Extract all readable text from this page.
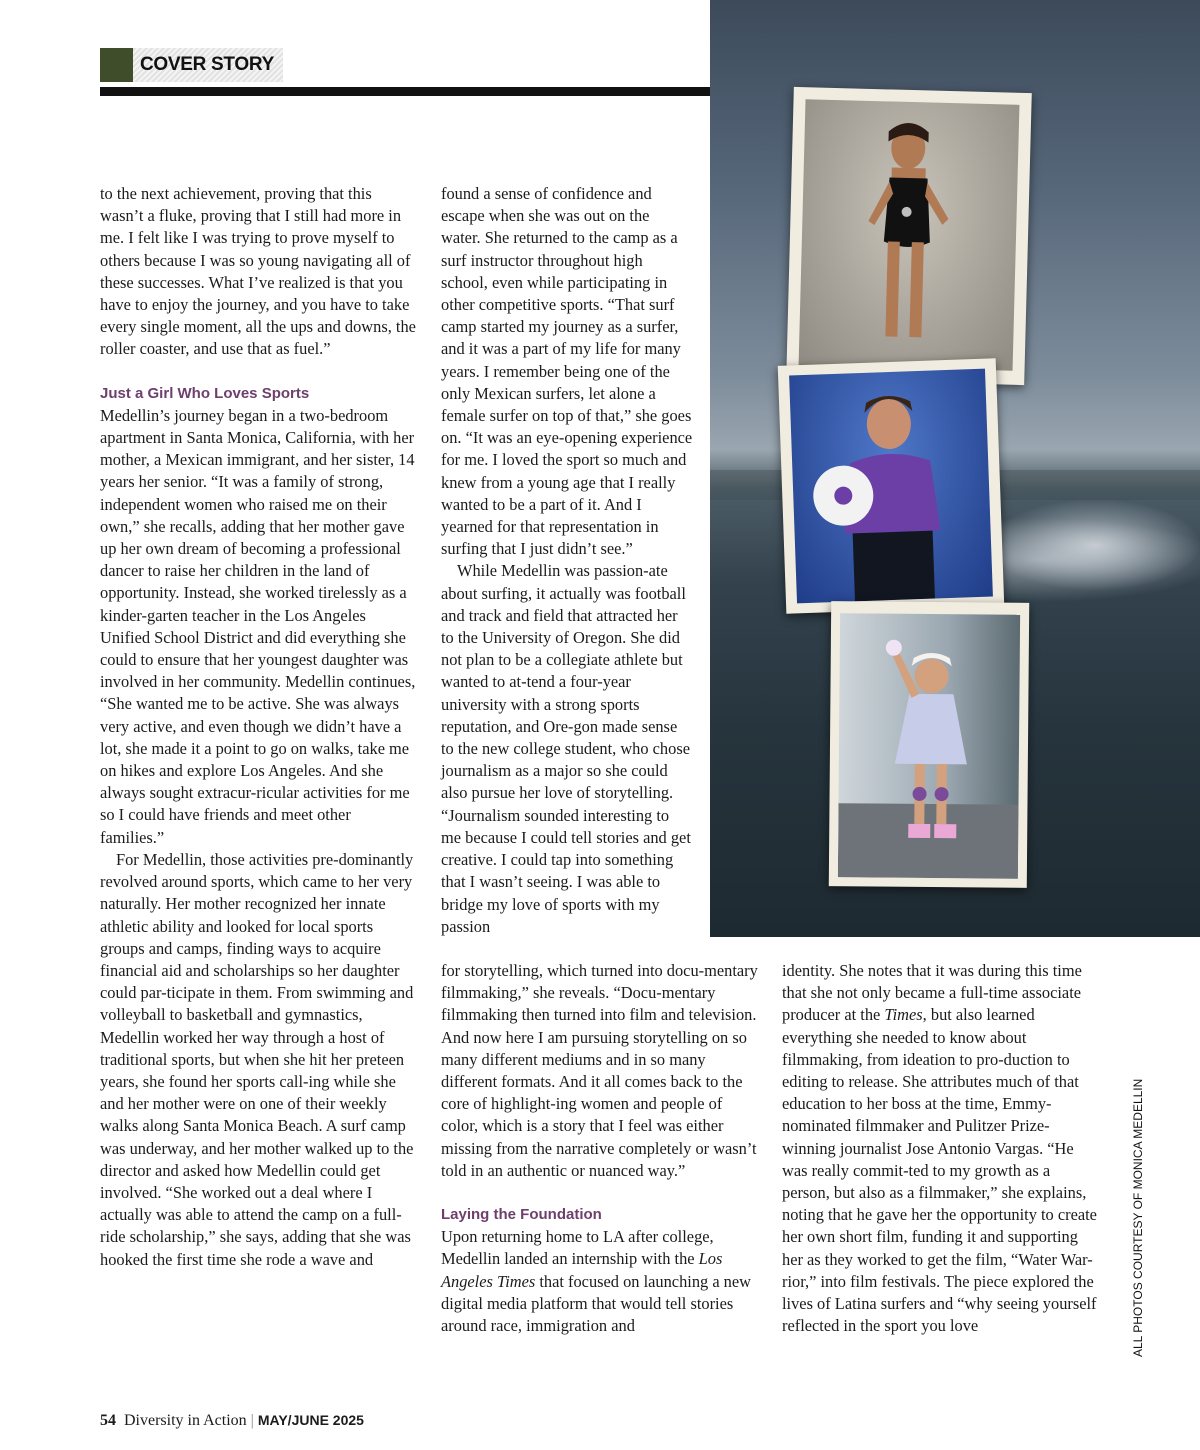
COVER STORY

to the next achievement, proving that this wasn’t a fluke, proving that I still had more in me. I felt like I was trying to prove myself to others because I was so young navigating all of these successes. What I’ve realized is that you have to enjoy the journey, and you have to take every single moment, all the ups and downs, the roller coaster, and use that as fuel.”

Just a Girl Who Loves Sports

Medellin’s journey began in a two-bedroom apartment in Santa Monica, California, with her mother, a Mexican immigrant, and her sister, 14 years her senior. “It was a family of strong, independent women who raised me on their own,” she recalls, adding that her mother gave up her own dream of becoming a professional dancer to raise her children in the land of opportunity. Instead, she worked tirelessly as a kinder-garten teacher in the Los Angeles Unified School District and did everything she could to ensure that her youngest daughter was involved in her community. Medellin continues, “She wanted me to be active. She was always very active, and even though we didn’t have a lot, she made it a point to go on walks, take me on hikes and explore Los Angeles. And she always sought extracur-ricular activities for me so I could have friends and meet other families.”

For Medellin, those activities pre-dominantly revolved around sports, which came to her very naturally. Her mother recognized her innate athletic ability and looked for local sports groups and camps, finding ways to acquire financial aid and scholarships so her daughter could par-ticipate in them. From swimming and volleyball to basketball and gymnastics, Medellin worked her way through a host of traditional sports, but when she hit her preteen years, she found her sports call-ing while she and her mother were on one of their weekly walks along Santa Monica Beach. A surf camp was underway, and her mother walked up to the director and asked how Medellin could get involved. “She worked out a deal where I actually was able to attend the camp on a full-ride scholarship,” she says, adding that she was hooked the first time she rode a wave and

found a sense of confidence and escape when she was out on the water. She returned to the camp as a surf instructor throughout high school, even while participating in other competitive sports. “That surf camp started my journey as a surfer, and it was a part of my life for many years. I remember being one of the only Mexican surfers, let alone a female surfer on top of that,” she goes on. “It was an eye-opening experience for me. I loved the sport so much and knew from a young age that I really wanted to be a part of it. And I yearned for that representation in surfing that I just didn’t see.”

While Medellin was passion-ate about surfing, it actually was football and track and field that attracted her to the University of Oregon. She did not plan to be a collegiate athlete but wanted to at-tend a four-year university with a strong sports reputation, and Ore-gon made sense to the new college student, who chose journalism as a major so she could also pursue her love of storytelling. “Journalism sounded interesting to me because I could tell stories and get creative. I could tap into something that I wasn’t seeing. I was able to bridge my love of sports with my passion

for storytelling, which turned into docu-mentary filmmaking,” she reveals. “Docu-mentary filmmaking then turned into film and television. And now here I am pursuing storytelling on so many different mediums and in so many different formats. And it all comes back to the core of highlight-ing women and people of color, which is a story that I feel was either missing from the narrative completely or wasn’t told in an authentic or nuanced way.”

Laying the Foundation

Upon returning home to LA after college, Medellin landed an internship with the Los Angeles Times that focused on launching a new digital media platform that would tell stories around race, immigration and

identity. She notes that it was during this time that she not only became a full-time associate producer at the Times, but also learned everything she needed to know about filmmaking, from ideation to pro-duction to editing to release. She attributes much of that education to her boss at the time, Emmy-nominated filmmaker and Pulitzer Prize-winning journalist Jose Antonio Vargas. “He was really commit-ted to my growth as a person, but also as a filmmaker,” she explains, noting that he gave her the opportunity to create her own short film, funding it and supporting her as they worked to get the film, “Water War-rior,” into film festivals. The piece explored the lives of Latina surfers and “why seeing yourself reflected in the sport you love	ALL PHOTOS COURTESY OF MONICA MEDELLIN
54 Diversity in Action | MAY/JUNE 2025
